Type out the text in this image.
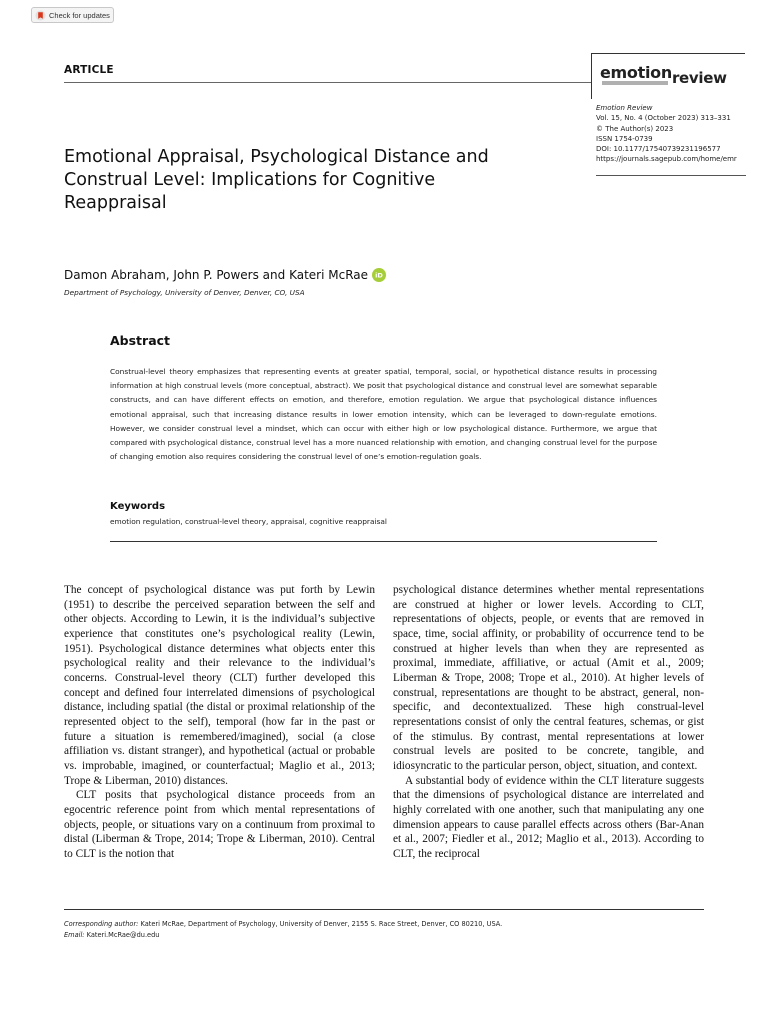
Check for updates
ARTICLE	emotionreview
Emotion Review
Vol. 15, No. 4 (October 2023) 313–331
© The Author(s) 2023
ISSN 1754-0739
DOI: 10.1177/17540739231196577
https://journals.sagepub.com/home/emr
Emotional Appraisal, Psychological Distance and Construal Level: Implications for Cognitive Reappraisal
Damon Abraham, John P. Powers and Kateri McRae iD
Department of Psychology, University of Denver, Denver, CO, USA
Abstract
Construal-level theory emphasizes that representing events at greater spatial, temporal, social, or hypothetical distance results in processing information at high construal levels (more conceptual, abstract). We posit that psychological distance and construal level are somewhat separable constructs, and can have different effects on emotion, and therefore, emotion regulation. We argue that psychological distance influences emotional appraisal, such that increasing distance results in lower emotion intensity, which can be leveraged to down-regulate emotions. However, we consider construal level a mindset, which can occur with either high or low psychological distance. Furthermore, we argue that compared with psychological distance, construal level has a more nuanced relationship with emotion, and changing construal level for the purpose of changing emotion also requires considering the construal level of one’s emotion-regulation goals.
Keywords
emotion regulation, construal-level theory, appraisal, cognitive reappraisal

The concept of psychological distance was put forth by Lewin (1951) to describe the perceived separation between the self and other objects. According to Lewin, it is the individual’s subjective experience that constitutes one’s psychological reality (Lewin, 1951). Psychological distance determines what objects enter this psychological reality and their relevance to the individual’s concerns. Construal-level theory (CLT) further developed this concept and defined four interrelated dimensions of psychological distance, including spatial (the distal or proximal relationship of the represented object to the self), temporal (how far in the past or future a situation is remembered/imagined), social (a close affiliation vs. distant stranger), and hypothetical (actual or probable vs. improbable, imagined, or counterfactual; Maglio et al., 2013; Trope & Liberman, 2010) distances.

CLT posits that psychological distance proceeds from an egocentric reference point from which mental representations of objects, people, or situations vary on a continuum from proximal to distal (Liberman & Trope, 2014; Trope & Liberman, 2010). Central to CLT is the notion that

psychological distance determines whether mental representations are construed at higher or lower levels. According to CLT, representations of objects, people, or events that are removed in space, time, social affinity, or probability of occurrence tend to be construed at higher levels than when they are represented as proximal, immediate, affiliative, or actual (Amit et al., 2009; Liberman & Trope, 2008; Trope et al., 2010). At higher levels of construal, representations are thought to be abstract, general, non-specific, and decontextualized. These high construal-level representations consist of only the central features, schemas, or gist of the stimulus. By contrast, mental representations at lower construal levels are posited to be concrete, tangible, and idiosyncratic to the particular person, object, situation, and context.

A substantial body of evidence within the CLT literature suggests that the dimensions of psychological distance are interrelated and highly correlated with one another, such that manipulating any one dimension appears to cause parallel effects across others (Bar-Anan et al., 2007; Fiedler et al., 2012; Maglio et al., 2013). According to CLT, the reciprocal

Corresponding author: Kateri McRae, Department of Psychology, University of Denver, 2155 S. Race Street, Denver, CO 80210, USA.
Email: Kateri.McRae@du.edu
